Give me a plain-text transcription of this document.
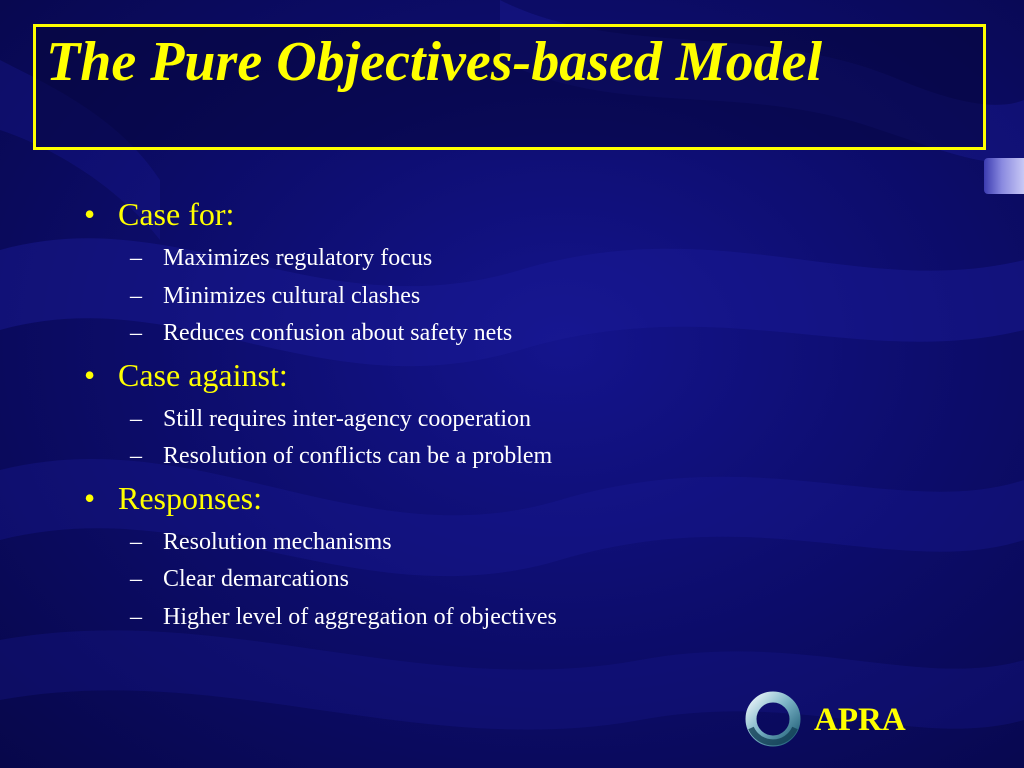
The Pure Objectives-based Model
• Case for:
– Maximizes regulatory focus
– Minimizes cultural clashes
– Reduces confusion about safety nets
• Case against:
– Still requires inter-agency cooperation
– Resolution of conflicts can be a problem
• Responses:
– Resolution mechanisms
– Clear demarcations
– Higher level of aggregation of objectives
APRA
